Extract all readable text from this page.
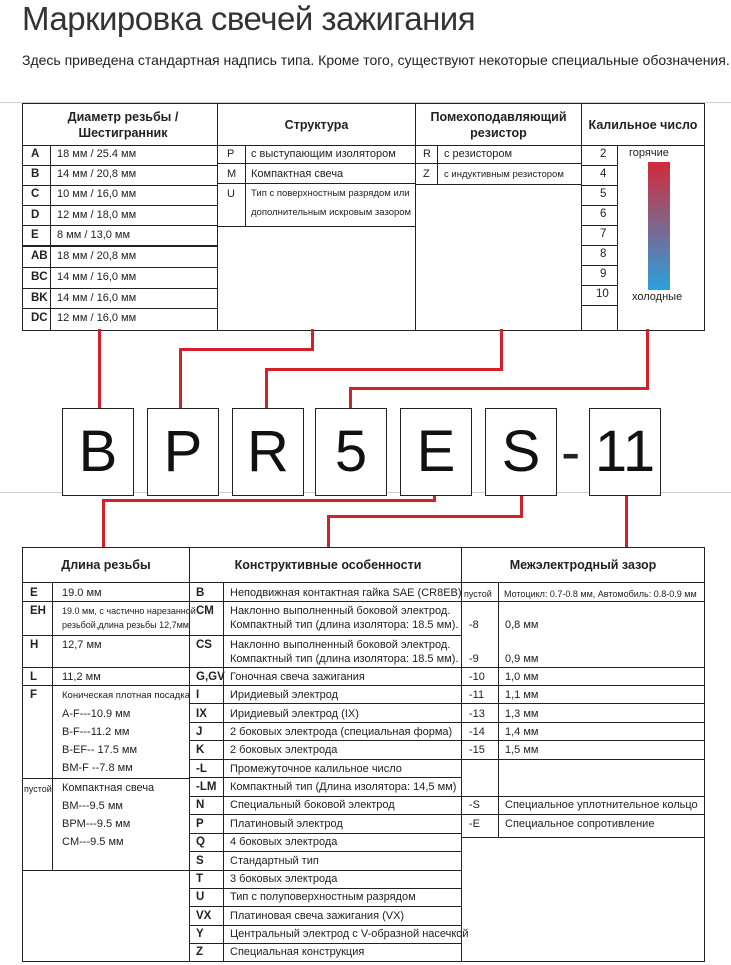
Маркировка свечей зажигания
Здесь приведена стандартная надпись типа. Кроме того, существуют некоторые специальные обозначения.
Диаметр резьбы / Шестигранник
Структура
Помехоподавляющий резистор
Калильное число
A 18 мм / 25.4 мм
B 14 мм / 20,8 мм
C 10 мм / 16,0 мм
D 12 мм / 18,0 мм
E 8 мм / 13,0 мм
AB 18 мм / 20,8 мм
BC 14 мм / 16,0 мм
BK 14 мм / 16,0 мм
DC 12 мм / 16,0 мм
P с выступающим изолятором
M Компактная свеча
U Тип с поверхностным разрядом или
дополнительным искровым зазором
R с резистором
Z с индуктивным резистором
2
4
5
6
7
8
9
10
горячие
холодные
B P R 5 E S - 11
Длина резьбы	Конструктивные особенности	Межэлектродный зазор
E 19.0 мм
EH 19.0 мм, с частично нарезанной
резьбой,длина резьбы 12,7мм
H 12,7 мм
L 11,2 мм
F	Коническая плотная посадка
A-F---10.9 мм
B-F---11.2 мм
B-EF-- 17.5 мм
BM-F --7.8 мм
пустой Компактная свеча
BM---9.5 мм
BPM---9.5 мм
CM---9.5 мм
B Неподвижная контактная гайка SAE (CR8EB)
CM Наклонно выполненный боковой электрод.
Компактный тип (длина изолятора: 18.5 мм).
CS Наклонно выполненный боковой электрод.
Компактный тип (длина изолятора: 18.5 мм).
G,GV Гоночная свеча зажигания
I	Иридиевый электрод
IX Иридиевый электрод (IX)
J	2 боковых электрода (специальная форма)
K 2 боковых электрода
-L Промежуточное калильное число
-LM Компактный тип (Длина изолятора: 14,5 мм)
N Специальный боковой электрод
P Платиновый электрод
Q 4 боковых электрода
S Стандартный тип
T 3 боковых электрода
U Тип с полуповерхностным разрядом
VX Платиновая свеча зажигания (VX)
Y Центральный электрод с V-образной насечкой
Z Специальная конструкция
пустой Мотоцикл: 0.7-0.8 мм, Автомобиль: 0.8-0.9 мм
-8 0,8 мм
-9 0,9 мм
-10 1,0 мм
-11 1,1 мм
-13 1,3 мм
-14 1,4 мм
-15 1,5 мм
-S Специальное уплотнительное кольцо
-E Специальное сопротивление
